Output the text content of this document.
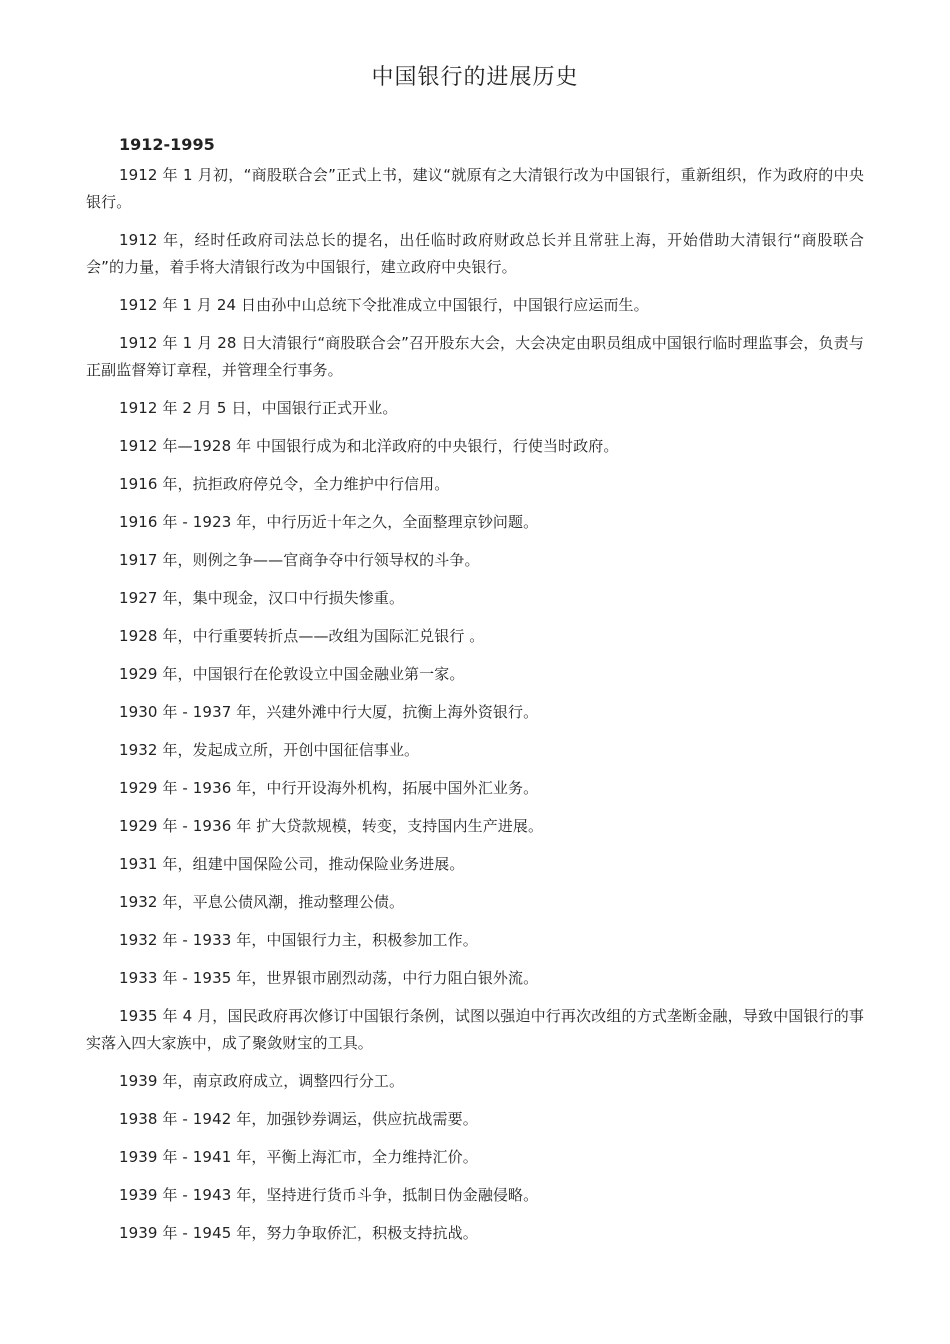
中国银行的进展历史
1912-1995

1912 年 1 月初，“商股联合会”正式上书，建议“就原有之大清银行改为中国银行，重新组织，作为政府的中央银行。

1912 年，经时任政府司法总长的提名，出任临时政府财政总长并且常驻上海，开始借助大清银行“商股联合会”的力量，着手将大清银行改为中国银行，建立政府中央银行。

1912 年 1 月 24 日由孙中山总统下令批准成立中国银行，中国银行应运而生。

1912 年 1 月 28 日大清银行“商股联合会”召开股东大会，大会决定由职员组成中国银行临时理监事会，负责与正副监督筹订章程，并管理全行事务。

1912 年 2 月 5 日，中国银行正式开业。

1912 年—1928 年 中国银行成为和北洋政府的中央银行，行使当时政府。

1916 年，抗拒政府停兑令，全力维护中行信用。

1916 年 - 1923 年，中行历近十年之久，全面整理京钞问题。

1917 年，则例之争——官商争夺中行领导权的斗争。

1927 年，集中现金，汉口中行损失惨重。

1928 年，中行重要转折点——改组为国际汇兑银行 。

1929 年，中国银行在伦敦设立中国金融业第一家。

1930 年 - 1937 年，兴建外滩中行大厦，抗衡上海外资银行。

1932 年，发起成立所，开创中国征信事业。

1929 年 - 1936 年，中行开设海外机构，拓展中国外汇业务。

1929 年 - 1936 年 扩大贷款规模，转变，支持国内生产进展。

1931 年，组建中国保险公司，推动保险业务进展。

1932 年，平息公债风潮，推动整理公债。

1932 年 - 1933 年，中国银行力主，积极参加工作。

1933 年 - 1935 年，世界银市剧烈动荡，中行力阻白银外流。

1935 年 4 月，国民政府再次修订中国银行条例，试图以强迫中行再次改组的方式垄断金融，导致中国银行的事实落入四大家族中，成了聚敛财宝的工具。

1939 年，南京政府成立，调整四行分工。

1938 年 - 1942 年，加强钞券调运，供应抗战需要。

1939 年 - 1941 年，平衡上海汇市，全力维持汇价。

1939 年 - 1943 年，坚持进行货币斗争，抵制日伪金融侵略。

1939 年 - 1945 年，努力争取侨汇，积极支持抗战。
